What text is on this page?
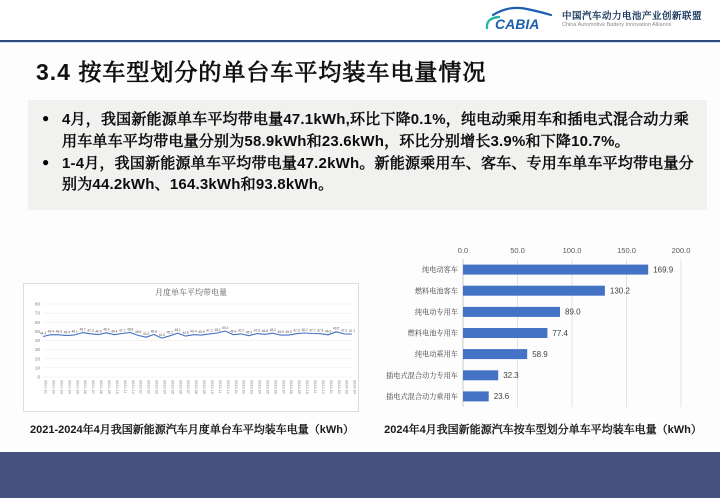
CABIA 中国汽车动力电池产业创新联盟
China Automotive Battery Innovation Alliance
3.4 按车型划分的单台车平均装车电量情况
● 4月，我国新能源单车平均带电量47.1kWh,环比下降0.1%，纯电动乘用车和插电式混合动力乘用车单车平均带电量分别为58.9kWh和23.6kWh，环比分别增长3.9%和下降10.7%。
● 1-4月，我国新能源单车平均带电量47.2kWh。新能源乘用车、客车、专用车单车平均带电量分别为44.2kWh、164.3kWh和93.8kWh。
月度单车平均带电量
0
10
20
30
40
50
60
70
80
44.4 46.4 46.3 45.4 46.1
48.7 47.3 46.5 48.4 46.4 47.7 48.8
45.6 43.6
46.6
42.6
45.2
48.1
44.8 46.4 45.9 47.2 48.2 50.4
46.4 47.2 45.3
47.6 46.8 48.0 45.9 45.9 47.5 48.2 47.7 47.4 46.3
49.5
47.2 47.1
2021-01 2021-02 2021-03 2021-04 2021-05 2021-06 2021-07 2021-08 2021-09 2021-10 2021-11 2021-12 2022-01 2022-02 2022-03 2022-04 2022-05 2022-06 2022-07 2022-08 2022-09 2022-10 2022-11 2022-12 2023-01 2023-02 2023-03 2023-04 2023-05 2023-06 2023-07 2023-08 2023-09 2023-10 2023-11 2023-12 2024-01 2024-02 2024-03 2024-04
0.0	50.0	100.0	150.0	200.0
纯电动客车	169.9
燃料电池客车	130.2
纯电动专用车	89.0
燃料电池专用车	77.4
纯电动乘用车	58.9
插电式混合动力专用车	32.3
插电式混合动力乘用车	23.6
2021-2024年4月我国新能源汽车月度单台车平均装车电量（kWh）	2024年4月我国新能源汽车按车型划分单车平均装车电量（kWh）
